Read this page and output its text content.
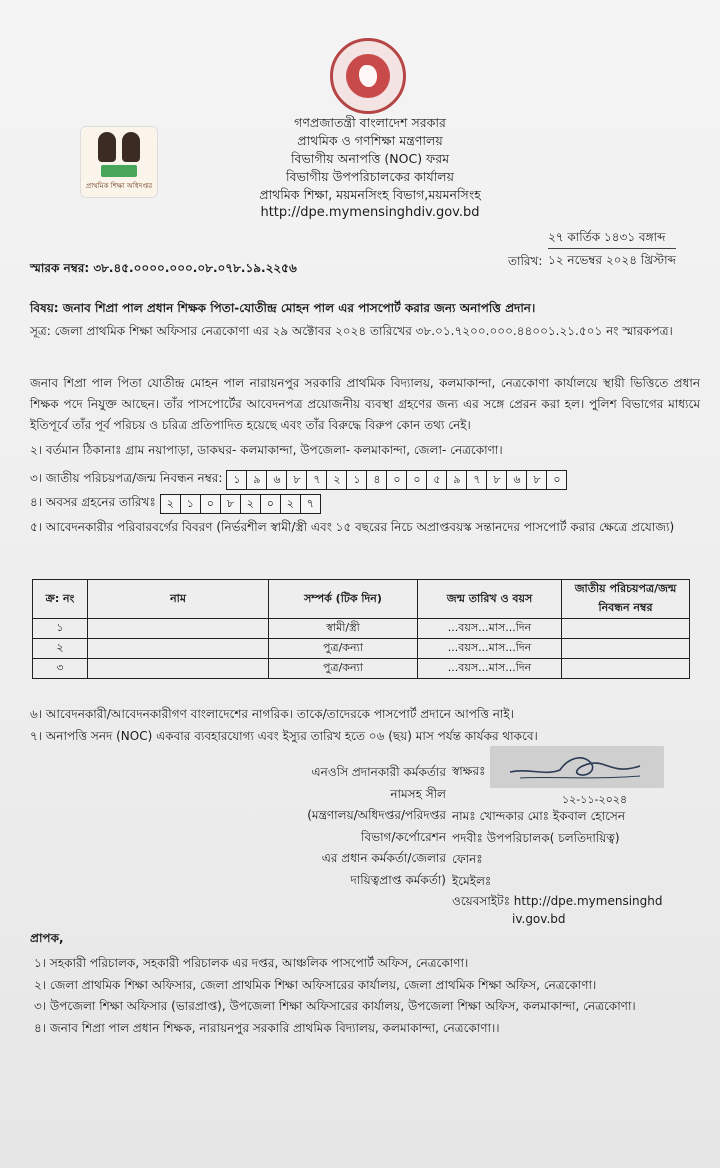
প্রাথমিক শিক্ষা অধিদপ্তর
গণপ্রজাতন্ত্রী বাংলাদেশ সরকার
প্রাথমিক ও গণশিক্ষা মন্ত্রণালয়
বিভাগীয় অনাপত্তি (NOC) ফরম
বিভাগীয় উপপরিচালকের কার্যালয়
প্রাথমিক শিক্ষা, ময়মনসিংহ বিভাগ,ময়মনসিংহ
http://dpe.mymensinghdiv.gov.bd
স্মারক নম্বর: ৩৮.৪৫.০০০০.০০০.০৮.০৭৮.১৯.২২৫৬	তারিখ:
২৭ কার্তিক ১৪৩১ বঙ্গাব্দ
১২ নভেম্বর ২০২৪ খ্রিস্টাব্দ
বিষয়: জনাব শিপ্রা পাল প্রধান শিক্ষক পিতা-যোতীন্দ্র মোহন পাল এর পাসপোর্ট করার জন্য অনাপত্তি প্রদান।
সূত্র: জেলা প্রাথমিক শিক্ষা অফিসার নেত্রকোণা এর ২৯ অক্টোবর ২০২৪ তারিখের ৩৮.০১.৭২০০.০০০.৪৪০০১.২১.৫০১ নং স্মারকপত্র।
জনাব শিপ্রা পাল পিতা যোতীন্দ্র মোহন পাল নারায়নপুর সরকারি প্রাথমিক বিদ্যালয়, কলমাকান্দা, নেত্রকোণা কার্যালয়ে স্থায়ী ভিত্তিতে প্রধান শিক্ষক পদে নিযুক্ত আছেন। তাঁর পাসপোর্টের আবেদনপত্র প্রয়োজনীয় ব্যবস্থা গ্রহণের জন্য এর সঙ্গে প্রেরন করা হল। পুলিশ বিভাগের মাধ্যমে ইতিপূর্বে তাঁর পূর্ব পরিচয় ও চরিত্র প্রতিপাদিত হয়েছে এবং তাঁর বিরুদ্ধে বিরুপ কোন তথ্য নেই।
২। বর্তমান ঠিকানাঃ গ্রাম নয়াপাড়া, ডাকঘর- কলমাকান্দা, উপজেলা- কলমাকান্দা, জেলা- নেত্রকোণা।
৩। জাতীয় পরিচয়পত্র/জন্ম নিবন্ধন নম্বর: ১	৯	৬	৮	৭	২	১	৪	০	০	৫	৯	৭	৮	৬	৮	০
৪। অবসর গ্রহনের তারিখঃ ২	১	০	৮	২	০	২	৭
৫। আবেদনকারীর পরিবারবর্গের বিবরণ (নির্ভরশীল স্বামী/স্ত্রী এবং ১৫ বছরের নিচে অপ্রাপ্তবয়স্ক সন্তানদের পাসপোর্ট করার ক্ষেত্রে প্রযোজ্য)
ক্র: নং	নাম	সম্পর্ক (টিক দিন)	জন্ম তারিখ ও বয়স	জাতীয় পরিচয়পত্র/জন্ম নিবন্ধন নম্বর
১		স্বামী/স্ত্রী	...বয়স...মাস...দিন	
২		পুত্র/কন্যা	...বয়স...মাস...দিন	
৩		পুত্র/কন্যা	...বয়স...মাস...দিন	
৬। আবেদনকারী/আবেদনকারীগণ বাংলাদেশের নাগরিক। তাকে/তাদেরকে পাসপোর্ট প্রদানে আপত্তি নাই।
৭। অনাপত্তি সনদ (NOC) একবার ব্যবহারযোগ্য এবং ইস্যুর তারিখ হতে ০৬ (ছয়) মাস পর্যন্ত কার্যকর থাকবে।
এনওসি প্রদানকারী কর্মকর্তার
নামসহ সীল
(মন্ত্রণালয়/অধিদপ্তর/পরিদপ্তর
বিভাগ/কর্পোরেশন
এর প্রধান কর্মকর্তা/জেলার
দায়িত্বপ্রাপ্ত কর্মকর্তা)
স্বাক্ষরঃ
১২-১১-২০২৪
নামঃ খোন্দকার মোঃ ইকবাল হোসেন
পদবীঃ উপপরিচালক( চলতিদায়িত্ব)
ফোনঃ
ইমেইলঃ
ওয়েবসাইটঃ http://dpe.mymensinghd
iv.gov.bd
প্রাপক,
১। সহকারী পরিচালক, সহকারী পরিচালক এর দপ্তর, আঞ্চলিক পাসপোর্ট অফিস, নেত্রকোণা।
২। জেলা প্রাথমিক শিক্ষা অফিসার, জেলা প্রাথমিক শিক্ষা অফিসারের কার্যালয়, জেলা প্রাথমিক শিক্ষা অফিস, নেত্রকোণা।
৩। উপজেলা শিক্ষা অফিসার (ভারপ্রাপ্ত), উপজেলা শিক্ষা অফিসারের কার্যালয়, উপজেলা শিক্ষা অফিস, কলমাকান্দা, নেত্রকোণা।
৪। জনাব শিপ্রা পাল প্রধান শিক্ষক, নারায়নপুর সরকারি প্রাথমিক বিদ্যালয়, কলমাকান্দা, নেত্রকোণা।।
